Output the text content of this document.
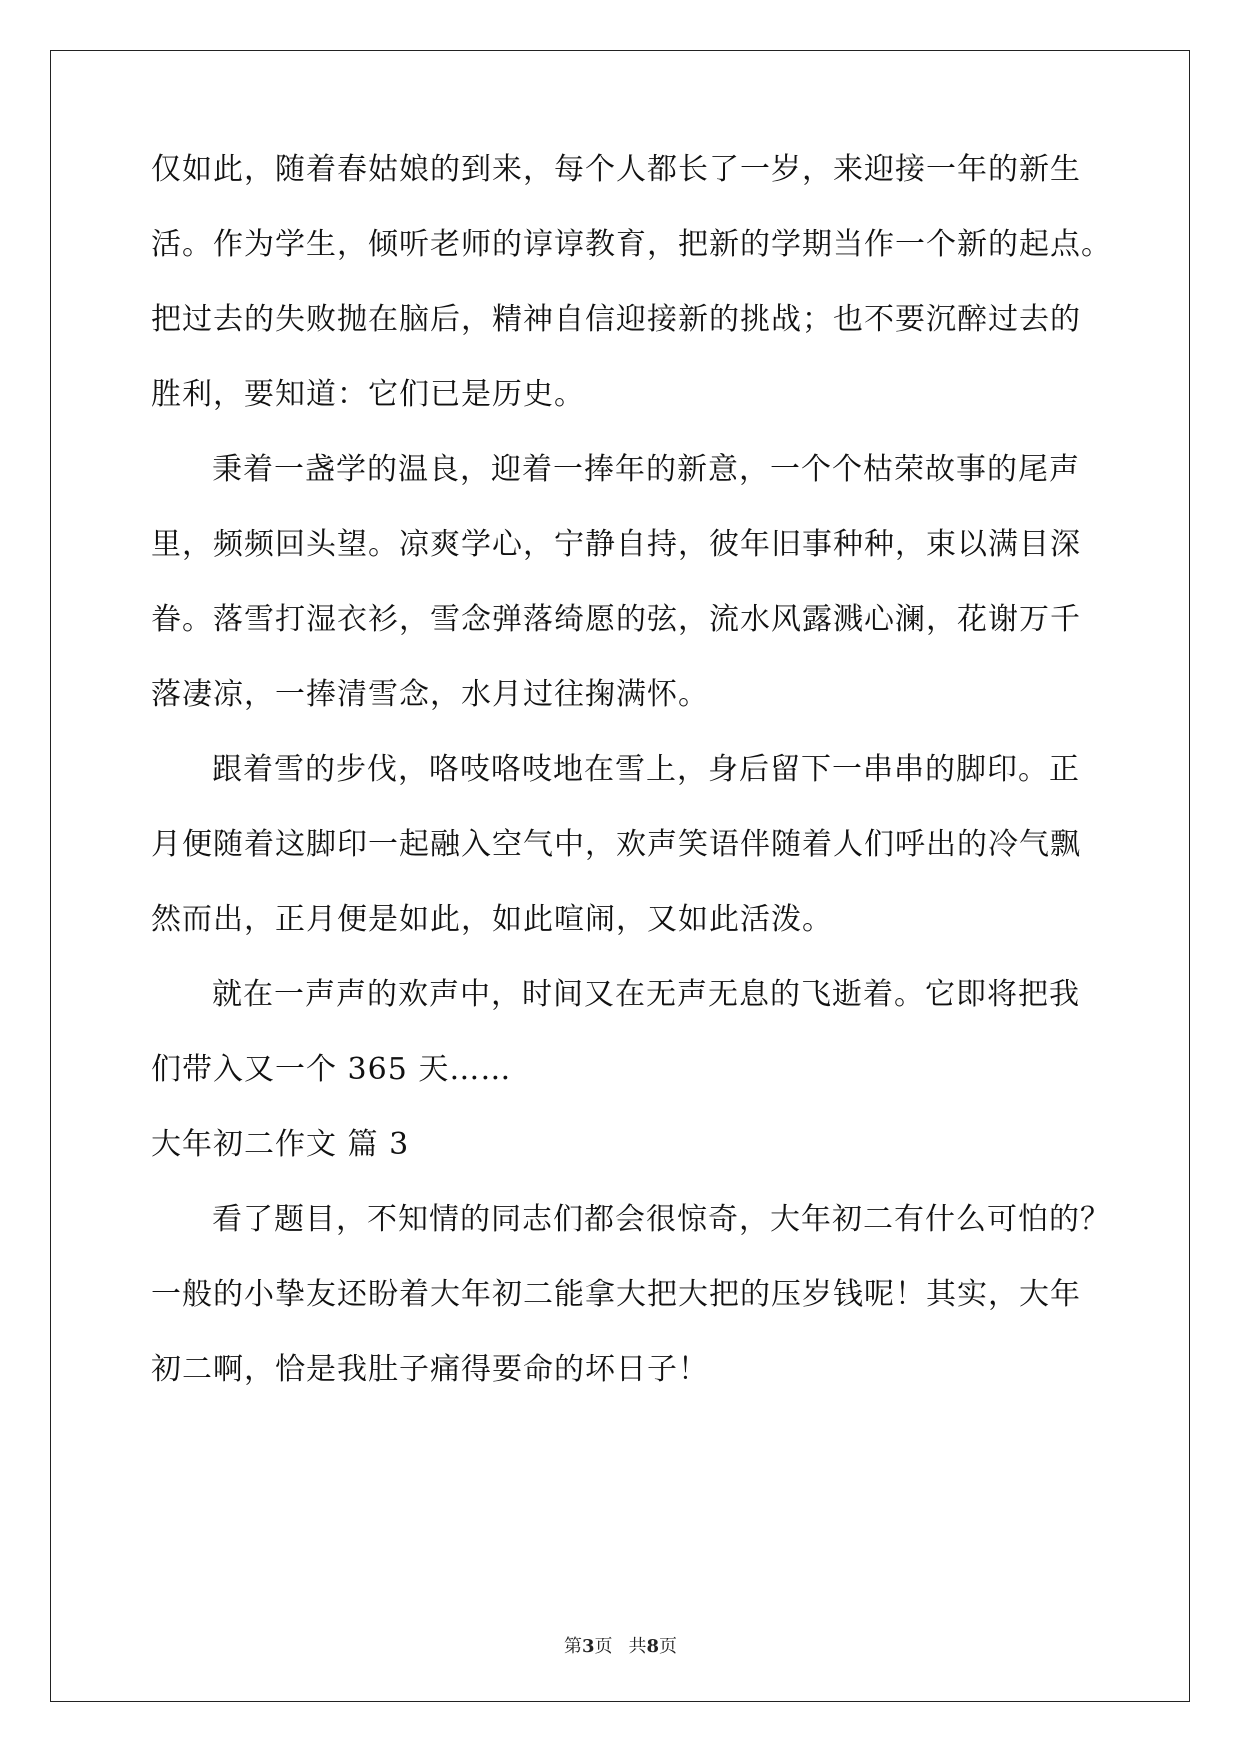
仅如此，随着春姑娘的到来，每个人都长了一岁，来迎接一年的新生
活。作为学生，倾听老师的谆谆教育，把新的学期当作一个新的起点。
把过去的失败抛在脑后，精神自信迎接新的挑战；也不要沉醉过去的
胜利，要知道：它们已是历史。
秉着一盏学的温良，迎着一捧年的新意，一个个枯荣故事的尾声
里，频频回头望。凉爽学心，宁静自持，彼年旧事种种，束以满目深
眷。落雪打湿衣衫，雪念弹落绮愿的弦，流水风露溅心澜，花谢万千
落凄凉，一捧清雪念，水月过往掬满怀。
跟着雪的步伐，咯吱咯吱地在雪上，身后留下一串串的脚印。正
月便随着这脚印一起融入空气中，欢声笑语伴随着人们呼出的冷气飘
然而出，正月便是如此，如此喧闹，又如此活泼。
就在一声声的欢声中，时间又在无声无息的飞逝着。它即将把我
们带入又一个 365 天……
大年初二作文 篇 3
看了题目，不知情的同志们都会很惊奇，大年初二有什么可怕的？
一般的小挚友还盼着大年初二能拿大把大把的压岁钱呢！其实，大年
初二啊，恰是我肚子痛得要命的坏日子！
第3页 共8页
